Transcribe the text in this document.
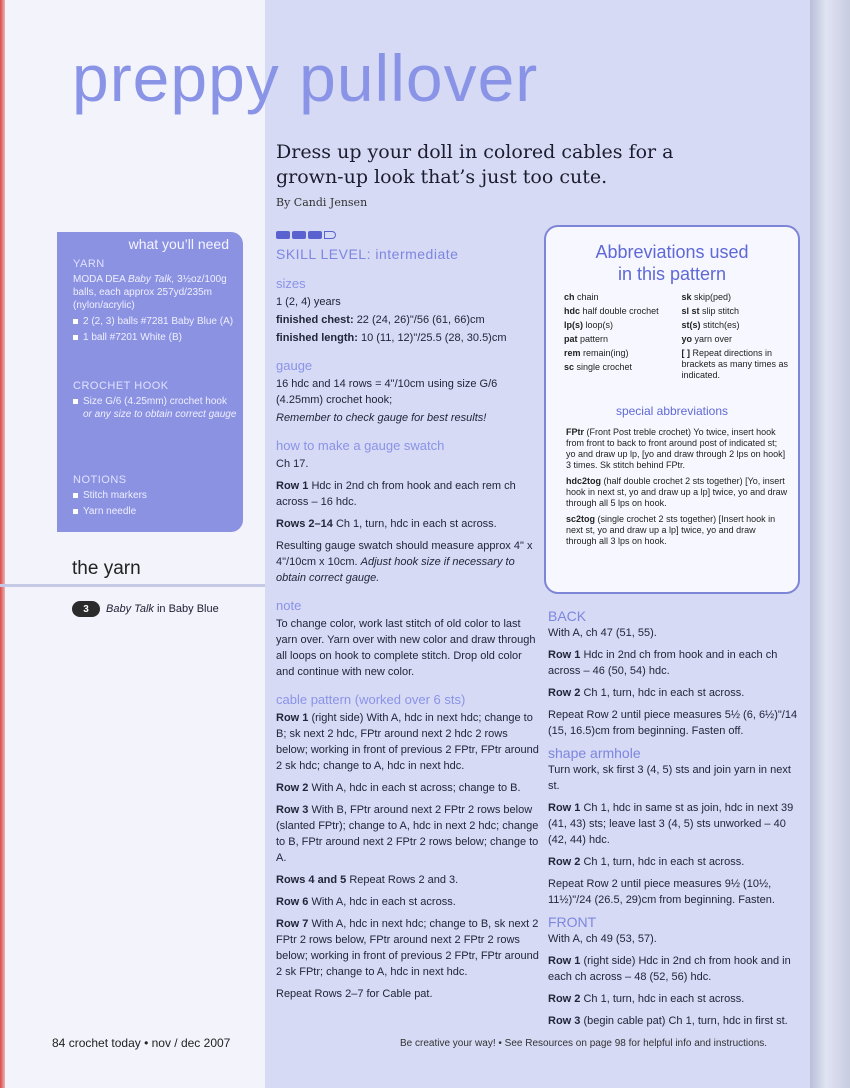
preppy pullover
Dress up your doll in colored cables for a grown-up look that’s just too cute.
By Candi Jensen
what you’ll need
YARN

MODA DEA Baby Talk, 3½oz/100g balls, each approx 257yd/235m (nylon/acrylic)

2 (2, 3) balls #7281 Baby Blue (A)

1 ball #7201 White (B)

CROCHET HOOK

Size G/6 (4.25mm) crochet hook or any size to obtain correct gauge

NOTIONS

Stitch markers

Yarn needle

the yarn
3	Baby Talk in Baby Blue
SKILL LEVEL: intermediate
sizes

1 (2, 4) years

finished chest: 22 (24, 26)"/56 (61, 66)cm

finished length: 10 (11, 12)"/25.5 (28, 30.5)cm

gauge

16 hdc and 14 rows = 4"/10cm using size G/6 (4.25mm) crochet hook;

Remember to check gauge for best results!

how to make a gauge swatch

Ch 17.

Row 1 Hdc in 2nd ch from hook and each rem ch across – 16 hdc.

Rows 2–14 Ch 1, turn, hdc in each st across.

Resulting gauge swatch should measure approx 4" x 4"/10cm x 10cm. Adjust hook size if necessary to obtain correct gauge.

note

To change color, work last stitch of old color to last yarn over. Yarn over with new color and draw through all loops on hook to complete stitch. Drop old color and continue with new color.

cable pattern (worked over 6 sts)

Row 1 (right side) With A, hdc in next hdc; change to B; sk next 2 hdc, FPtr around next 2 hdc 2 rows below; working in front of previous 2 FPtr, FPtr around 2 sk hdc; change to A, hdc in next hdc.

Row 2 With A, hdc in each st across; change to B.

Row 3 With B, FPtr around next 2 FPtr 2 rows below (slanted FPtr); change to A, hdc in next 2 hdc; change to B, FPtr around next 2 FPtr 2 rows below; change to A.

Rows 4 and 5 Repeat Rows 2 and 3.

Row 6 With A, hdc in each st across.

Row 7 With A, hdc in next hdc; change to B, sk next 2 FPtr 2 rows below, FPtr around next 2 FPtr 2 rows below; working in front of previous 2 FPtr, FPtr around 2 sk FPtr; change to A, hdc in next hdc.

Repeat Rows 2–7 for Cable pat.

Abbreviations used
in this pattern
ch chain
hdc half double crochet
lp(s) loop(s)
pat pattern
rem remain(ing)
sc single crochet
sk skip(ped)
sl st slip stitch
st(s) stitch(es)
yo yarn over
[ ] Repeat directions in brackets as many times as indicated.
special abbreviations

FPtr (Front Post treble crochet) Yo twice, insert hook from front to back to front around post of indicated st; yo and draw up lp, [yo and draw through 2 lps on hook] 3 times. Sk stitch behind FPtr.

hdc2tog (half double crochet 2 sts together) [Yo, insert hook in next st, yo and draw up a lp] twice, yo and draw through all 5 lps on hook.

sc2tog (single crochet 2 sts together) [Insert hook in next st, yo and draw up a lp] twice, yo and draw through all 3 lps on hook.

BACK

With A, ch 47 (51, 55).

Row 1 Hdc in 2nd ch from hook and in each ch across – 46 (50, 54) hdc.

Row 2 Ch 1, turn, hdc in each st across.

Repeat Row 2 until piece measures 5½ (6, 6½)"/14 (15, 16.5)cm from beginning. Fasten off.

shape armhole

Turn work, sk first 3 (4, 5) sts and join yarn in next st.

Row 1 Ch 1, hdc in same st as join, hdc in next 39 (41, 43) sts; leave last 3 (4, 5) sts unworked – 40 (42, 44) hdc.

Row 2 Ch 1, turn, hdc in each st across.

Repeat Row 2 until piece measures 9½ (10½, 11½)"/24 (26.5, 29)cm from beginning. Fasten.

FRONT

With A, ch 49 (53, 57).

Row 1 (right side) Hdc in 2nd ch from hook and in each ch across – 48 (52, 56) hdc.

Row 2 Ch 1, turn, hdc in each st across.

Row 3 (begin cable pat) Ch 1, turn, hdc in first st.

84 crochet today • nov / dec 2007	Be creative your way! • See Resources on page 98 for helpful info and instructions.
